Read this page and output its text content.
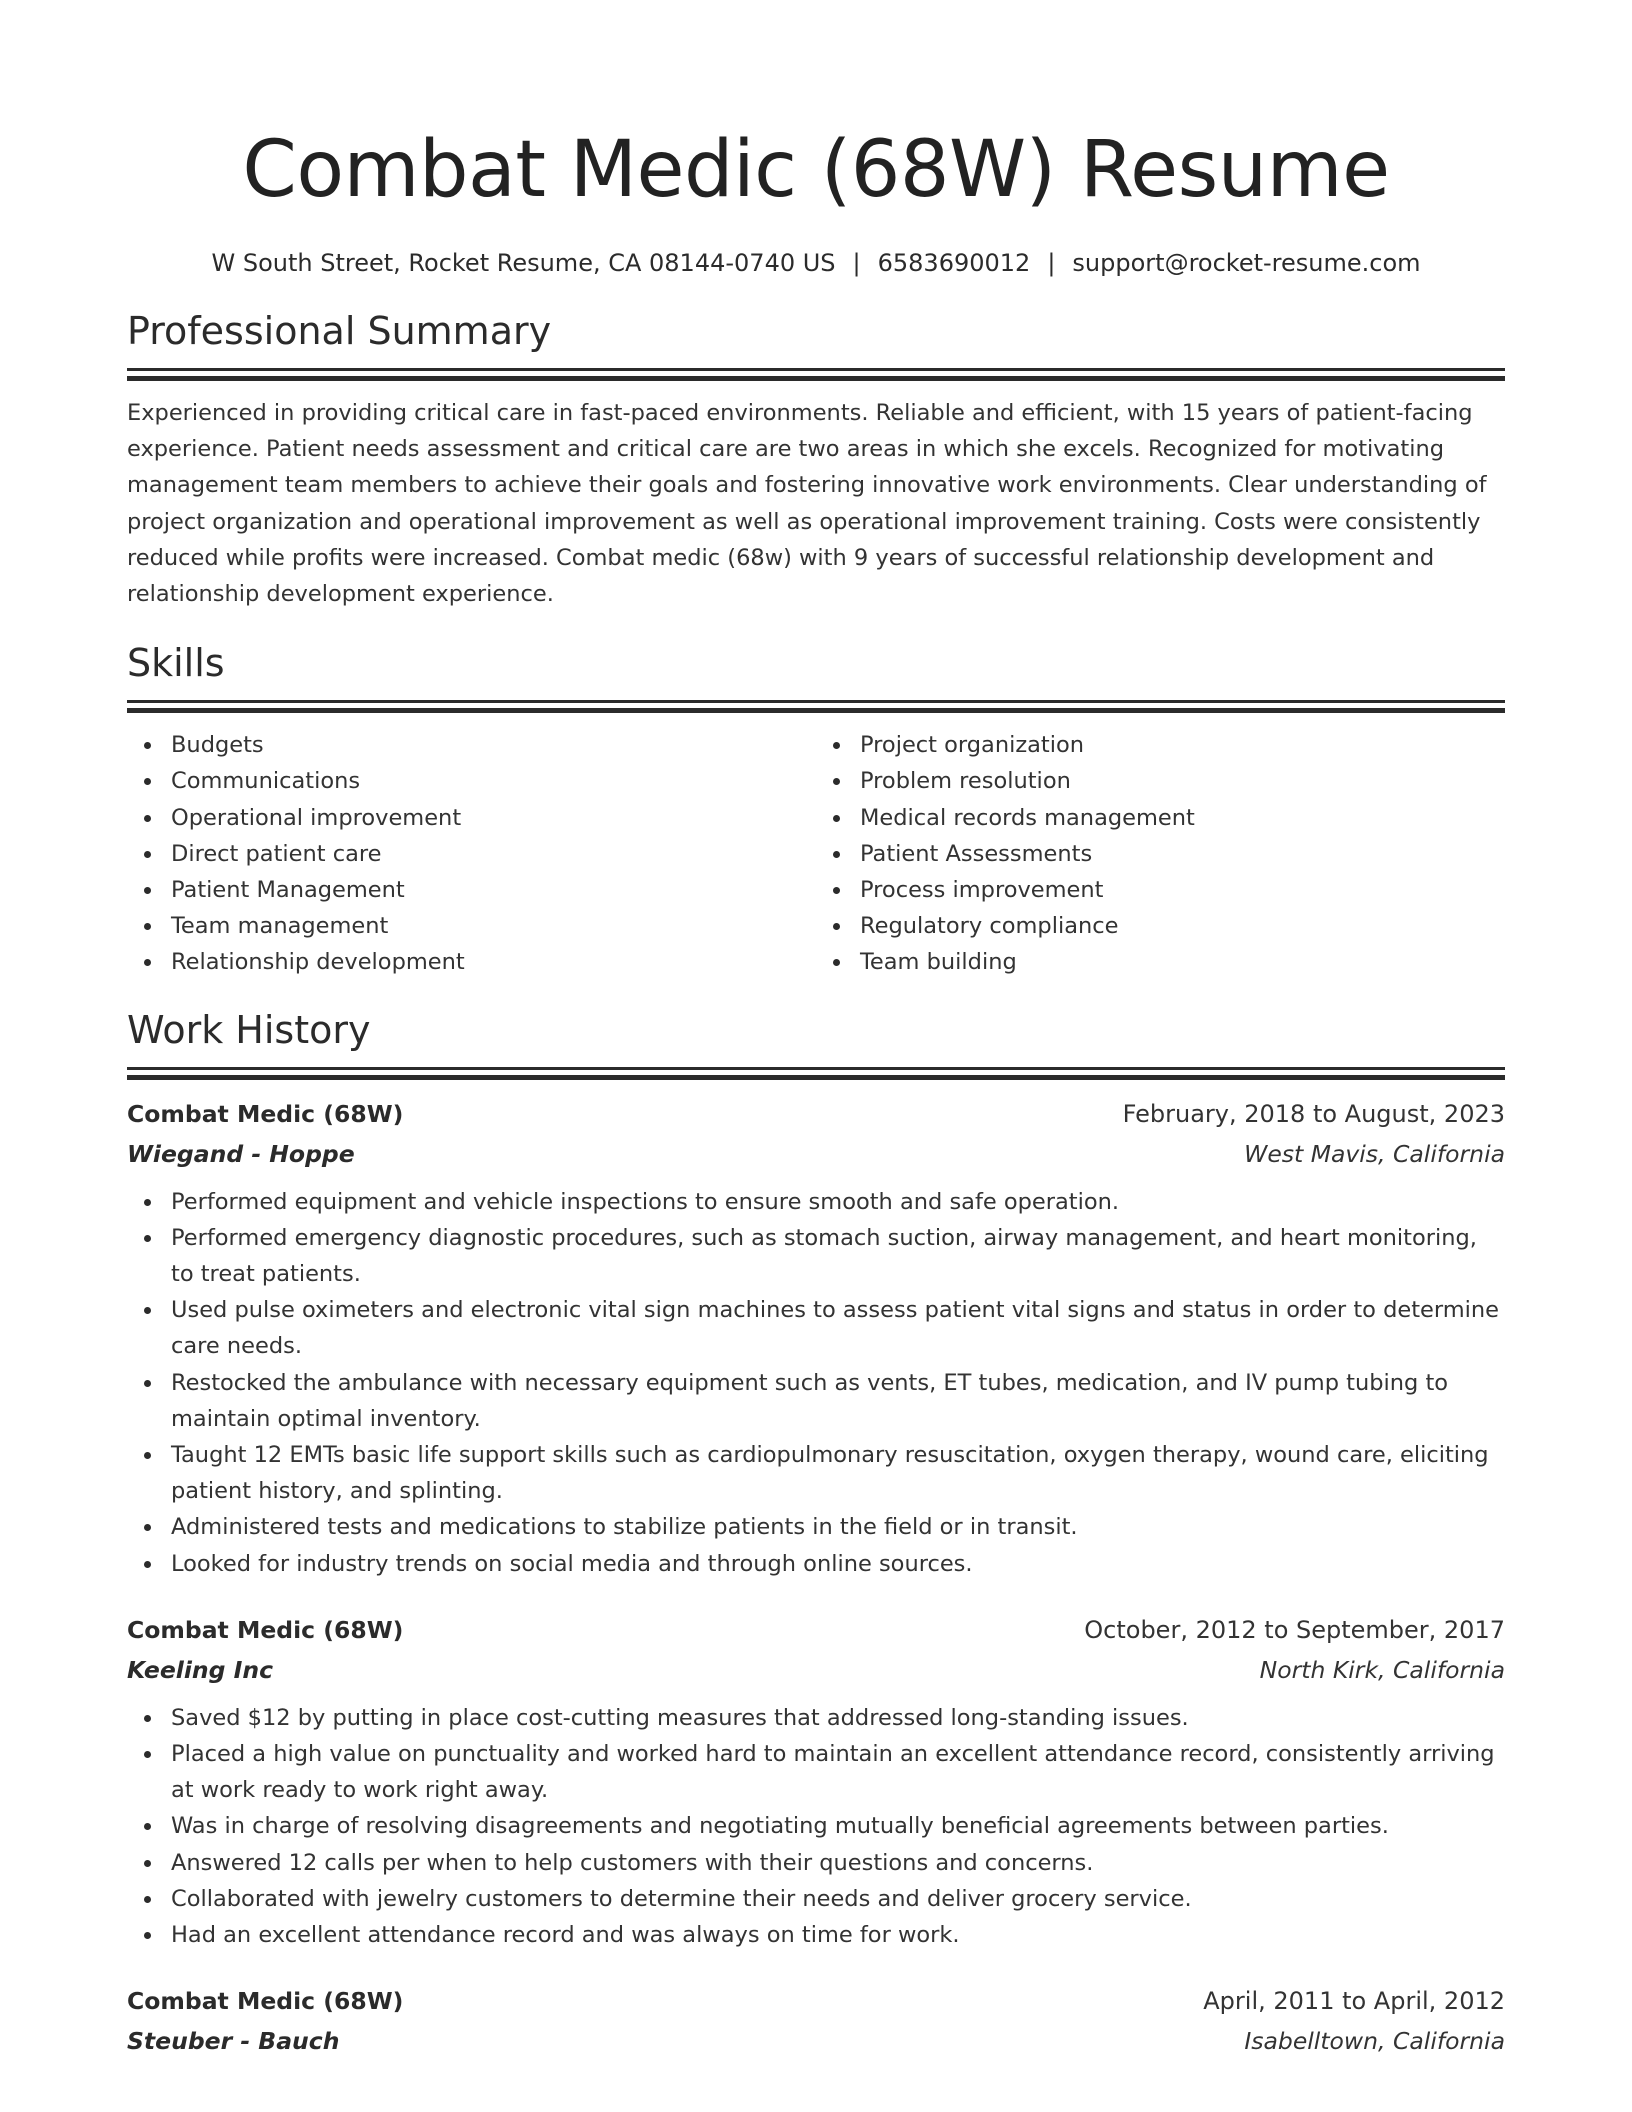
Combat Medic (68W) Resume
W South Street, Rocket Resume, CA 08144-0740 US | 6583690012 | support@rocket-resume.com
Professional Summary

Experienced in providing critical care in fast-paced environments. Reliable and efficient, with 15 years of patient-facing experience. Patient needs assessment and critical care are two areas in which she excels. Recognized for motivating management team members to achieve their goals and fostering innovative work environments. Clear understanding of project organization and operational improvement as well as operational improvement training. Costs were consistently reduced while profits were increased. Combat medic (68w) with 9 years of successful relationship development and relationship development experience.

Skills
Budgets
Communications
Operational improvement
Direct patient care
Patient Management
Team management
Relationship development
Project organization
Problem resolution
Medical records management
Patient Assessments
Process improvement
Regulatory compliance
Team building
Work History
Combat Medic (68W)	February, 2018 to August, 2023
Wiegand - Hoppe	West Mavis, California
Performed equipment and vehicle inspections to ensure smooth and safe operation.
Performed emergency diagnostic procedures, such as stomach suction, airway management, and heart monitoring, to treat patients.
Used pulse oximeters and electronic vital sign machines to assess patient vital signs and status in order to determine care needs.
Restocked the ambulance with necessary equipment such as vents, ET tubes, medication, and IV pump tubing to maintain optimal inventory.
Taught 12 EMTs basic life support skills such as cardiopulmonary resuscitation, oxygen therapy, wound care, eliciting patient history, and splinting.
Administered tests and medications to stabilize patients in the field or in transit.
Looked for industry trends on social media and through online sources.
Combat Medic (68W)	October, 2012 to September, 2017
Keeling Inc	North Kirk, California
Saved $12 by putting in place cost-cutting measures that addressed long-standing issues.
Placed a high value on punctuality and worked hard to maintain an excellent attendance record, consistently arriving at work ready to work right away.
Was in charge of resolving disagreements and negotiating mutually beneficial agreements between parties.
Answered 12 calls per when to help customers with their questions and concerns.
Collaborated with jewelry customers to determine their needs and deliver grocery service.
Had an excellent attendance record and was always on time for work.
Combat Medic (68W)	April, 2011 to April, 2012
Steuber - Bauch	Isabelltown, California
